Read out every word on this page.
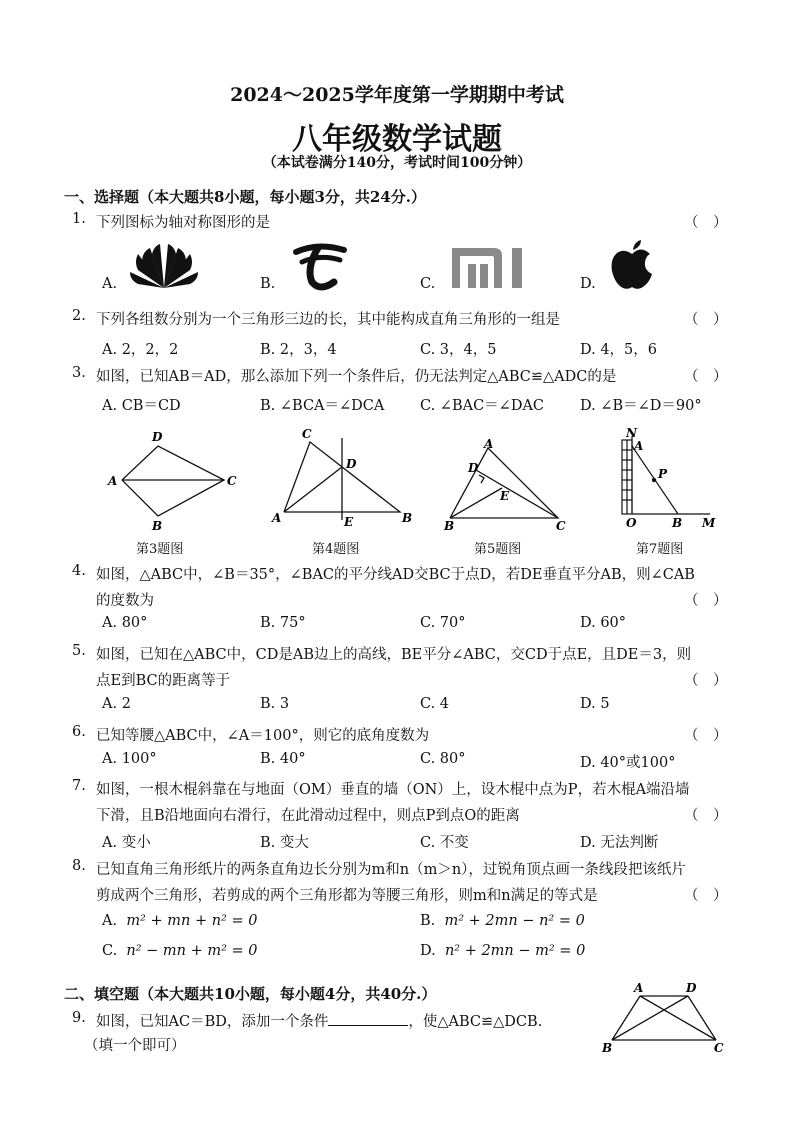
2024～2025学年度第一学期期中考试
八年级数学试题
（本试卷满分140分，考试时间100分钟）
一、选择题（本大题共8小题，每小题3分，共24分.）
1. 下列图标为轴对称图形的是	（　）
A.	B.	C.	D.
2. 下列各组数分别为一个三角形三边的长，其中能构成直角三角形的一组是	（　）
A. 2，2，2	B. 2，3，4	C. 3，4，5	D. 4，5，6
3. 如图，已知AB＝AD，那么添加下列一个条件后，仍无法判定△ABC≌△ADC的是	（　）
A. CB＝CD	B. ∠BCA＝∠DCA C. ∠BAC＝∠DAC D. ∠B＝∠D＝90°
D
A	C
B
C
D
A	E	B
A
D
E
B	C
N
A
P
O	B M
第3题图	第4题图	第5题图	第7题图
4. 如图，△ABC中，∠B＝35°，∠BAC的平分线AD交BC于点D，若DE垂直平分AB，则∠CAB
的度数为	（　）
A. 80°	B. 75°	C. 70°	D. 60°
5. 如图，已知在△ABC中，CD是AB边上的高线，BE平分∠ABC，交CD于点E，且DE＝3，则
点E到BC的距离等于	（　）
A. 2	B. 3	C. 4	D. 5
6. 已知等腰△ABC中，∠A＝100°，则它的底角度数为	（　）
A. 100°	B. 40°	C. 80°	D. 40°或100°
7. 如图，一根木棍斜靠在与地面（OM）垂直的墙（ON）上，设木棍中点为P，若木棍A端沿墙
下滑，且B沿地面向右滑行，在此滑动过程中，则点P到点O的距离	（　）
A. 变小	B. 变大	C. 不变	D. 无法判断
8. 已知直角三角形纸片的两条直角边长分别为m和n（m＞n），过锐角顶点画一条线段把该纸片
剪成两个三角形，若剪成的两个三角形都为等腰三角形，则m和n满足的等式是	（　）
A. m² + mn + n² = 0	B. m² + 2mn − n² = 0
C. n² − mn + m² = 0	D. n² + 2mn − m² = 0
二、填空题（本大题共10小题，每小题4分，共40分.）
9. 如图，已知AC＝BD，添加一个条件	，使△ABC≌△DCB.
（填一个即可）
A	D
B	C
